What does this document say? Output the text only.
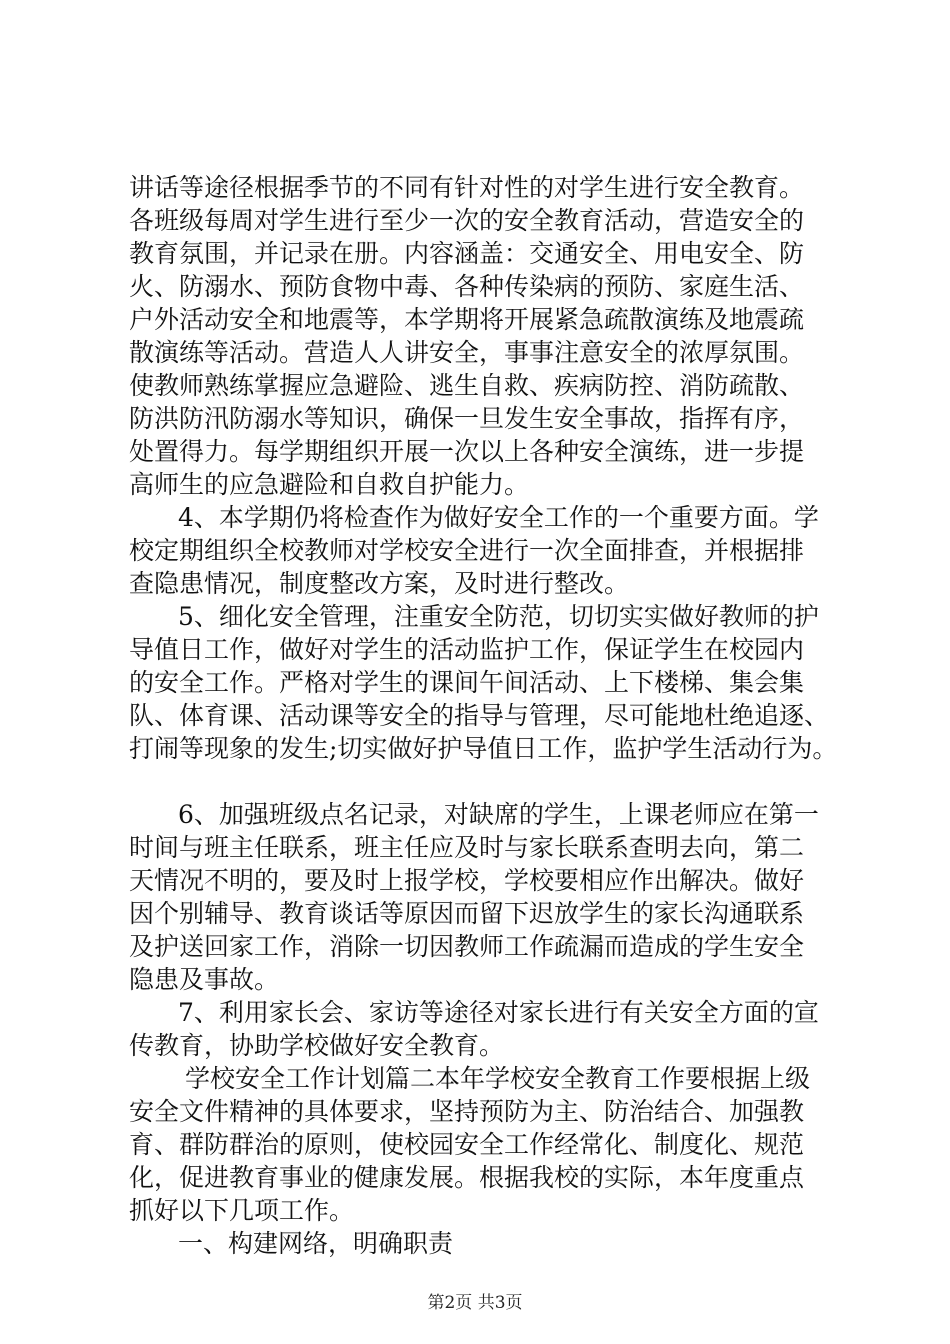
讲话等途径根据季节的不同有针对性的对学生进行安全教育。
各班级每周对学生进行至少一次的安全教育活动，营造安全的
教育氛围，并记录在册。内容涵盖：交通安全、用电安全、防
火、防溺水、预防食物中毒、各种传染病的预防、家庭生活、
户外活动安全和地震等，本学期将开展紧急疏散演练及地震疏
散演练等活动。营造人人讲安全，事事注意安全的浓厚氛围。
使教师熟练掌握应急避险、逃生自救、疾病防控、消防疏散、
防洪防汛防溺水等知识，确保一旦发生安全事故，指挥有序，
处置得力。每学期组织开展一次以上各种安全演练，进一步提
高师生的应急避险和自救自护能力。
4、本学期仍将检查作为做好安全工作的一个重要方面。学
校定期组织全校教师对学校安全进行一次全面排查，并根据排
查隐患情况，制度整改方案，及时进行整改。
5、细化安全管理，注重安全防范，切切实实做好教师的护
导值日工作，做好对学生的活动监护工作，保证学生在校园内
的安全工作。严格对学生的课间午间活动、上下楼梯、集会集
队、体育课、活动课等安全的指导与管理，尽可能地杜绝追逐、
打闹等现象的发生;切实做好护导值日工作，监护学生活动行为。
6、加强班级点名记录，对缺席的学生，上课老师应在第一
时间与班主任联系，班主任应及时与家长联系查明去向，第二
天情况不明的，要及时上报学校，学校要相应作出解决。做好
因个别辅导、教育谈话等原因而留下迟放学生的家长沟通联系
及护送回家工作，消除一切因教师工作疏漏而造成的学生安全
隐患及事故。
7、利用家长会、家访等途径对家长进行有关安全方面的宣
传教育，协助学校做好安全教育。
学校安全工作计划篇二本年学校安全教育工作要根据上级
安全文件精神的具体要求，坚持预防为主、防治结合、加强教
育、群防群治的原则，使校园安全工作经常化、制度化、规范
化，促进教育事业的健康发展。根据我校的实际，本年度重点
抓好以下几项工作。
一、构建网络，明确职责
第2页 共3页
